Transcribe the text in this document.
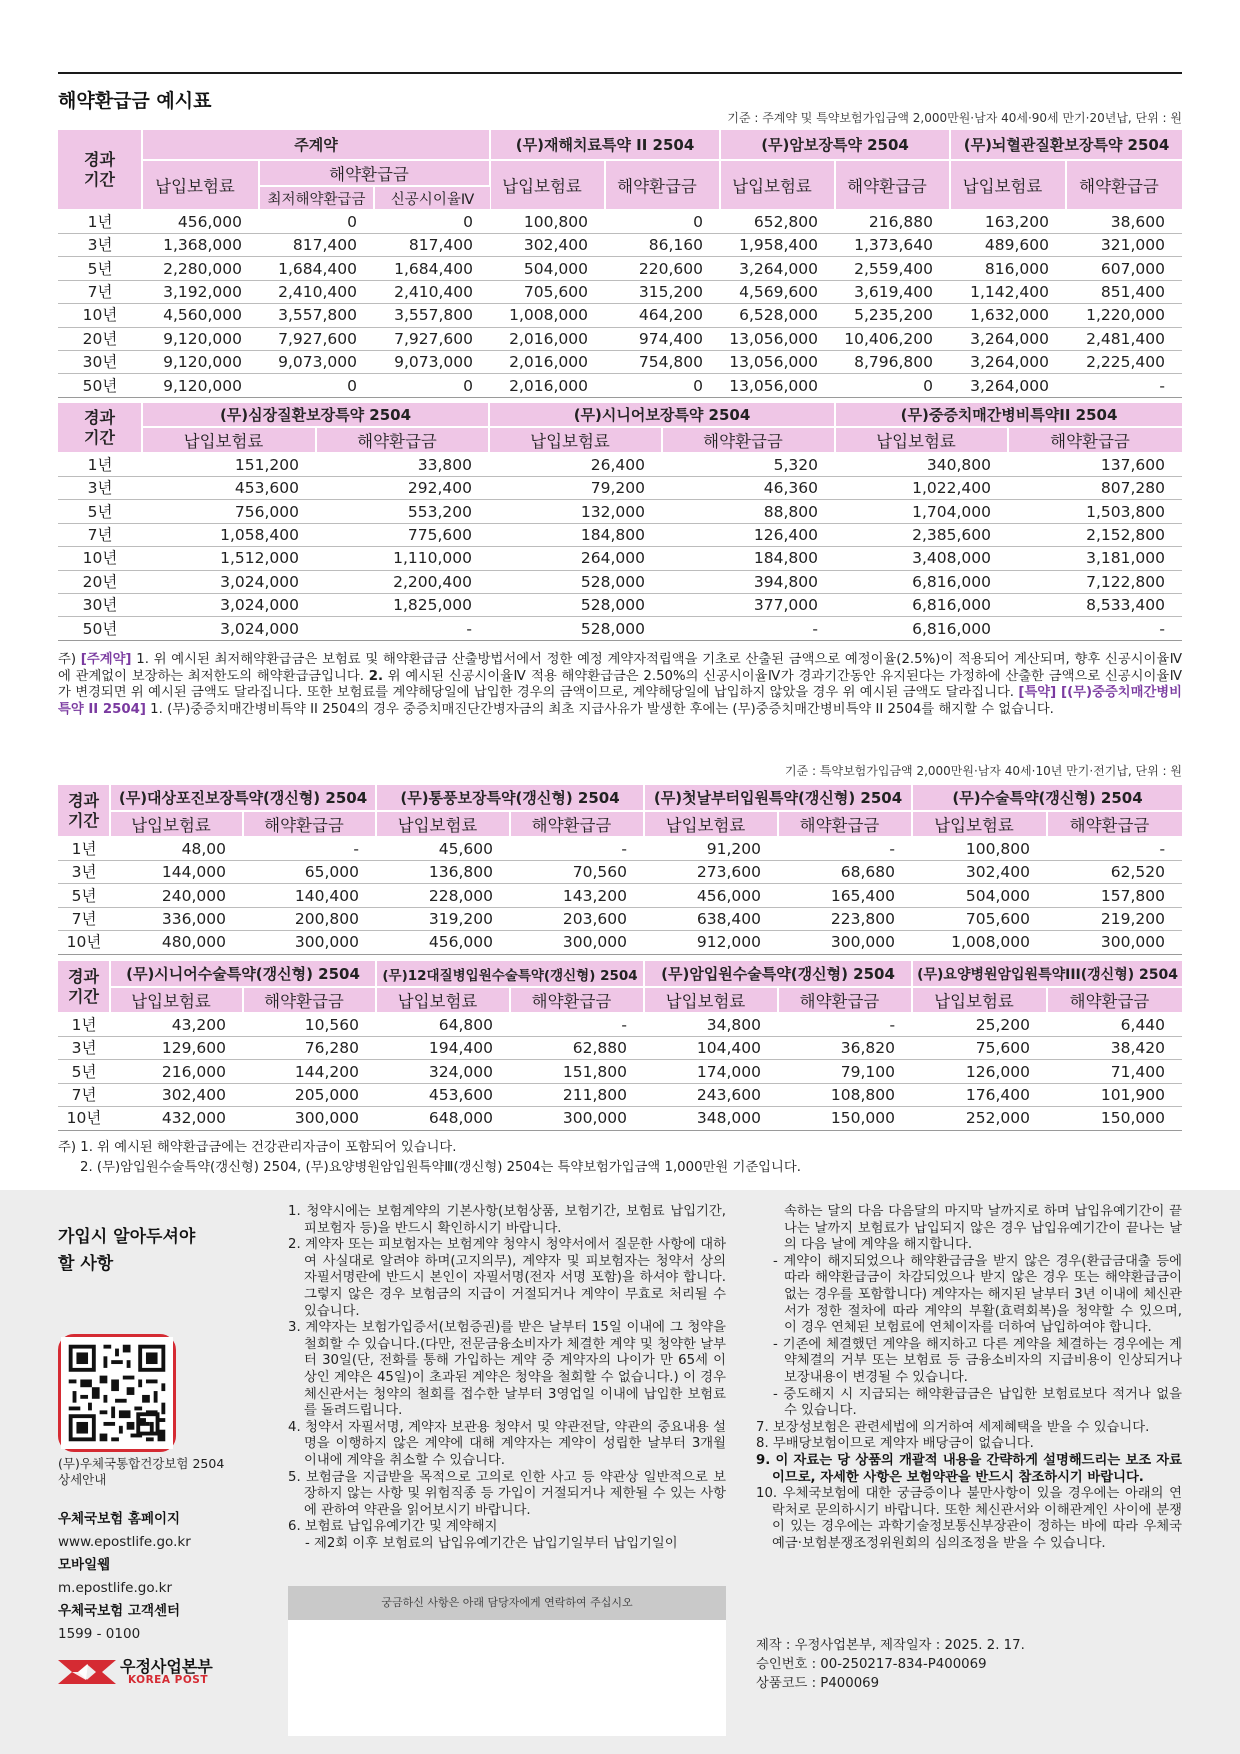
해약환급금 예시표
기준 : 주계약 및 특약보험가입금액 2,000만원·남자 40세·90세 만기·20년납, 단위 : 원
경과
기간	주계약			(무)재해치료특약 II 2504		(무)암보장특약 2504		(무)뇌혈관질환보장특약 2504	
	납입보험료	해약환급금		납입보험료	해약환급금	납입보험료	해약환급금	납입보험료	해약환급금
		최저해약환급금	신공시이율Ⅳ						
1년	456,000	0	0	100,800	0	652,800	216,880	163,200	38,600
3년	1,368,000	817,400	817,400	302,400	86,160	1,958,400	1,373,640	489,600	321,000
5년	2,280,000	1,684,400	1,684,400	504,000	220,600	3,264,000	2,559,400	816,000	607,000
7년	3,192,000	2,410,400	2,410,400	705,600	315,200	4,569,600	3,619,400	1,142,400	851,400
10년	4,560,000	3,557,800	3,557,800	1,008,000	464,200	6,528,000	5,235,200	1,632,000	1,220,000
20년	9,120,000	7,927,600	7,927,600	2,016,000	974,400	13,056,000	10,406,200	3,264,000	2,481,400
30년	9,120,000	9,073,000	9,073,000	2,016,000	754,800	13,056,000	8,796,800	3,264,000	2,225,400
50년	9,120,000	0	0	2,016,000	0	13,056,000	0	3,264,000	-
경과
기간	(무)심장질환보장특약 2504		(무)시니어보장특약 2504		(무)중증치매간병비특약II 2504	
	납입보험료	해약환급금	납입보험료	해약환급금	납입보험료	해약환급금
1년	151,200	33,800	26,400	5,320	340,800	137,600
3년	453,600	292,400	79,200	46,360	1,022,400	807,280
5년	756,000	553,200	132,000	88,800	1,704,000	1,503,800
7년	1,058,400	775,600	184,800	126,400	2,385,600	2,152,800
10년	1,512,000	1,110,000	264,000	184,800	3,408,000	3,181,000
20년	3,024,000	2,200,400	528,000	394,800	6,816,000	7,122,800
30년	3,024,000	1,825,000	528,000	377,000	6,816,000	8,533,400
50년	3,024,000	-	528,000	-	6,816,000	-
주) [주계약] 1. 위 예시된 최저해약환급금은 보험료 및 해약환급금 산출방법서에서 정한 예정 계약자적립액을 기초로 산출된 금액으로 예정이율(2.5%)이 적용되어 계산되며, 향후 신공시이율Ⅳ에 관계없이 보장하는 최저한도의 해약환급금입니다. 2. 위 예시된 신공시이율Ⅳ 적용 해약환급금은 2.50%의 신공시이율Ⅳ가 경과기간동안 유지된다는 가정하에 산출한 금액으로 신공시이율Ⅳ가 변경되면 위 예시된 금액도 달라집니다. 또한 보험료를 계약해당일에 납입한 경우의 금액이므로, 계약해당일에 납입하지 않았을 경우 위 예시된 금액도 달라집니다. [특약] [(무)중증치매간병비특약 II 2504] 1. (무)중증치매간병비특약 II 2504의 경우 중증치매진단간병자금의 최초 지급사유가 발생한 후에는 (무)중증치매간병비특약 II 2504를 해지할 수 없습니다.
기준 : 특약보험가입금액 2,000만원·남자 40세·10년 만기·전기납, 단위 : 원
경과
기간	(무)대상포진보장특약(갱신형) 2504		(무)통풍보장특약(갱신형) 2504		(무)첫날부터입원특약(갱신형) 2504		(무)수술특약(갱신형) 2504	
	납입보험료	해약환급금	납입보험료	해약환급금	납입보험료	해약환급금	납입보험료	해약환급금
1년	48,00	-	45,600	-	91,200	-	100,800	-
3년	144,000	65,000	136,800	70,560	273,600	68,680	302,400	62,520
5년	240,000	140,400	228,000	143,200	456,000	165,400	504,000	157,800
7년	336,000	200,800	319,200	203,600	638,400	223,800	705,600	219,200
10년	480,000	300,000	456,000	300,000	912,000	300,000	1,008,000	300,000
경과
기간	(무)시니어수술특약(갱신형) 2504		(무)12대질병입원수술특약(갱신형) 2504		(무)암입원수술특약(갱신형) 2504		(무)요양병원암입원특약III(갱신형) 2504	
	납입보험료	해약환급금	납입보험료	해약환급금	납입보험료	해약환급금	납입보험료	해약환급금
1년	43,200	10,560	64,800	-	34,800	-	25,200	6,440
3년	129,600	76,280	194,400	62,880	104,400	36,820	75,600	38,420
5년	216,000	144,200	324,000	151,800	174,000	79,100	126,000	71,400
7년	302,400	205,000	453,600	211,800	243,600	108,800	176,400	101,900
10년	432,000	300,000	648,000	300,000	348,000	150,000	252,000	150,000
주) 1. 위 예시된 해약환급금에는 건강관리자금이 포함되어 있습니다.
2. (무)암입원수술특약(갱신형) 2504, (무)요양병원암입원특약Ⅲ(갱신형) 2504는 특약보험가입금액 1,000만원 기준입니다.
가입시 알아두셔야
할 사항
(무)우체국통합건강보험 2504
상세안내
우체국보험 홈페이지
www.epostlife.go.kr
모바일웹
m.epostlife.go.kr
우체국보험 고객센터
1599 - 0100
우정사업본부
KOREA POST
1. 청약시에는 보험계약의 기본사항(보험상품, 보험기간, 보험료 납입기간, 피보험자 등)을 반드시 확인하시기 바랍니다.
2. 계약자 또는 피보험자는 보험계약 청약시 청약서에서 질문한 사항에 대하여 사실대로 알려야 하며(고지의무), 계약자 및 피보험자는 청약서 상의 자필서명란에 반드시 본인이 자필서명(전자 서명 포함)을 하셔야 합니다. 그렇지 않은 경우 보험금의 지급이 거절되거나 계약이 무효로 처리될 수 있습니다.
3. 계약자는 보험가입증서(보험증권)를 받은 날부터 15일 이내에 그 청약을 철회할 수 있습니다.(다만, 전문금융소비자가 체결한 계약 및 청약한 날부터 30일(단, 전화를 통해 가입하는 계약 중 계약자의 나이가 만 65세 이상인 계약은 45일)이 초과된 계약은 청약을 철회할 수 없습니다.) 이 경우 체신관서는 청약의 철회를 접수한 날부터 3영업일 이내에 납입한 보험료를 돌려드립니다.
4. 청약서 자필서명, 계약자 보관용 청약서 및 약관전달, 약관의 중요내용 설명을 이행하지 않은 계약에 대해 계약자는 계약이 성립한 날부터 3개월 이내에 계약을 취소할 수 있습니다.
5. 보험금을 지급받을 목적으로 고의로 인한 사고 등 약관상 일반적으로 보장하지 않는 사항 및 위험직종 등 가입이 거절되거나 제한될 수 있는 사항에 관하여 약관을 읽어보시기 바랍니다.
6. 보험료 납입유예기간 및 계약해지
- 제2회 이후 보험료의 납입유예기간은 납입기일부터 납입기일이
궁금하신 사항은 아래 담당자에게 연락하여 주십시오
속하는 달의 다음 다음달의 마지막 날까지로 하며 납입유예기간이 끝나는 날까지 보험료가 납입되지 않은 경우 납입유예기간이 끝나는 날의 다음 날에 계약을 해지합니다.
- 계약이 해지되었으나 해약환급금을 받지 않은 경우(환급금대출 등에 따라 해약환급금이 차감되었으나 받지 않은 경우 또는 해약환급금이 없는 경우를 포함합니다) 계약자는 해지된 날부터 3년 이내에 체신관서가 정한 절차에 따라 계약의 부활(효력회복)을 청약할 수 있으며, 이 경우 연체된 보험료에 연체이자를 더하여 납입하여야 합니다.
- 기존에 체결했던 계약을 해지하고 다른 계약을 체결하는 경우에는 계약체결의 거부 또는 보험료 등 금융소비자의 지급비용이 인상되거나 보장내용이 변경될 수 있습니다.
- 중도해지 시 지급되는 해약환급금은 납입한 보험료보다 적거나 없을 수 있습니다.
7. 보장성보험은 관련세법에 의거하여 세제혜택을 받을 수 있습니다.
8. 무배당보험이므로 계약자 배당금이 없습니다.
9. 이 자료는 당 상품의 개괄적 내용을 간략하게 설명해드리는 보조 자료이므로, 자세한 사항은 보험약관을 반드시 참조하시기 바랍니다.
10. 우체국보험에 대한 궁금증이나 불만사항이 있을 경우에는 아래의 연락처로 문의하시기 바랍니다. 또한 체신관서와 이해관계인 사이에 분쟁이 있는 경우에는 과학기술정보통신부장관이 정하는 바에 따라 우체국예금·보험분쟁조정위원회의 심의조정을 받을 수 있습니다.
제작 : 우정사업본부, 제작일자 : 2025. 2. 17.
승인번호 : 00-250217-834-P400069
상품코드 : P400069
